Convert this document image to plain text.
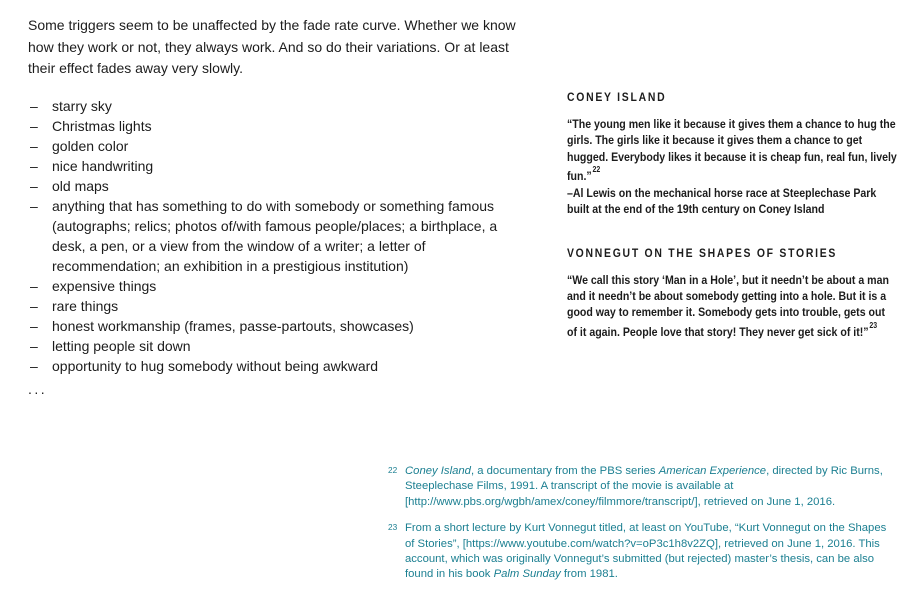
Some triggers seem to be unaffected by the fade rate curve. Whether we know how they work or not, they always work. And so do their variations. Or at least their effect fades away very slowly.

– starry sky
– Christmas lights
– golden color
– nice handwriting
– old maps
– anything that has something to do with somebody or something famous (autographs; relics; photos of/with famous people/places; a birthplace, a desk, a pen, or a view from the window of a writer; a letter of recommendation; an exhibition in a prestigious institution)
– expensive things
– rare things
– honest workmanship (frames, passe-partouts, showcases)
– letting people sit down
– opportunity to hug somebody without being awkward
...
CONEY ISLAND

“The young men like it because it gives them a chance to hug the girls. The girls like it because it gives them a chance to get hugged. Everybody likes it because it is cheap fun, real fun, lively fun.”$^{22}$

–Al Lewis on the mechanical horse race at Steeplechase Park built at the end of the 19th century on Coney Island

VONNEGUT ON THE SHAPES OF STORIES

“We call this story ‘Man in a Hole’, but it needn’t be about a man and it needn’t be about somebody getting into a hole. But it is a good way to remember it. Somebody gets into trouble, gets out of it again. People love that story! They never get sick of it!”$^{23}$

22 Coney Island, a documentary from the PBS series American Experience, directed by Ric Burns, Steeplechase Films, 1991. A transcript of the movie is available at [http://www.pbs.org/wgbh/amex/coney/filmmore/transcript/], retrieved on June 1, 2016.
23 From a short lecture by Kurt Vonnegut titled, at least on YouTube, “Kurt Vonnegut on the Shapes of Stories”, [https://www.youtube.com/watch?v=oP3c1h8v2ZQ], retrieved on June 1, 2016. This account, which was originally Vonnegut’s submitted (but rejected) master’s thesis, can be also found in his book Palm Sunday from 1981.
